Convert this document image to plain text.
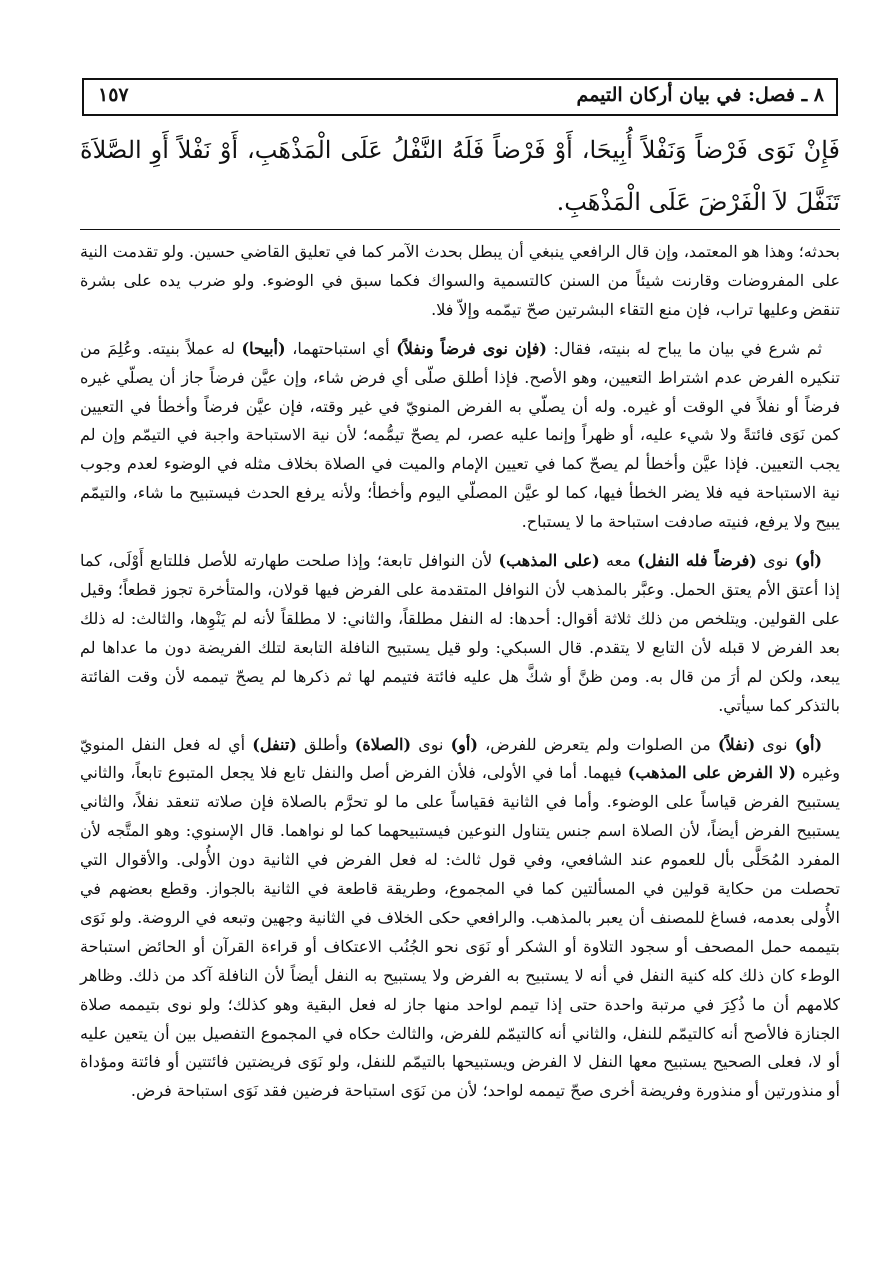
٨ ـ فصل: في بيان أركان التيمم
١٥٧
فَإِنْ نَوَى فَرْضاً وَنَفْلاً أُبِيحَا، أَوْ فَرْضاً فَلَهُ النَّفْلُ عَلَى الْمَذْهَبِ، أَوْ نَفْلاً أَوِ الصَّلاَةَ تَنَفَّلَ لاَ الْفَرْضَ عَلَى الْمَذْهَبِ.

بحدثه؛ وهذا هو المعتمد، وإن قال الرافعي ينبغي أن يبطل بحدث الآمر كما في تعليق القاضي حسين. ولو تقدمت النية على المفروضات وقارنت شيئاً من السنن كالتسمية والسواك فكما سبق في الوضوء. ولو ضرب يده على بشرة تنقض وعليها تراب، فإن منع التقاء البشرتين صحّ تيمّمه وإلاّ فلا.

ثم شرع في بيان ما يباح له بنيته، فقال: (فإن نوى فرضاً ونفلاً) أي استباحتهما، (أبيحا) له عملاً بنيته. وعُلِمَ من تنكيره الفرض عدم اشتراط التعيين، وهو الأصح. فإذا أطلق صلّى أي فرض شاء، وإن عيَّن فرضاً جاز أن يصلّي غيره فرضاً أو نفلاً في الوقت أو غيره. وله أن يصلّي به الفرض المنويّ في غير وقته، فإن عيَّن فرضاً وأخطأ في التعيين كمن نَوَى فائتةً ولا شيء عليه، أو ظهراً وإنما عليه عصر، لم يصحّ تيمُّمه؛ لأن نية الاستباحة واجبة في التيمّم وإن لم يجب التعيين. فإذا عيَّن وأخطأ لم يصحّ كما في تعيين الإمام والميت في الصلاة بخلاف مثله في الوضوء لعدم وجوب نية الاستباحة فيه فلا يضر الخطأ فيها، كما لو عيَّن المصلّي اليوم وأخطأ؛ ولأنه يرفع الحدث فيستبيح ما شاء، والتيمّم يبيح ولا يرفع، فنيته صادفت استباحة ما لا يستباح.

(أو) نوى (فرضاً فله النفل) معه (على المذهب) لأن النوافل تابعة؛ وإذا صلحت طهارته للأصل فللتابع أَوْلَى، كما إذا أعتق الأم يعتق الحمل. وعبَّر بالمذهب لأن النوافل المتقدمة على الفرض فيها قولان، والمتأخرة تجوز قطعاً؛ وقيل على القولين. ويتلخص من ذلك ثلاثة أقوال: أحدها: له النفل مطلقاً، والثاني: لا مطلقاً لأنه لم يَنْوِها، والثالث: له ذلك بعد الفرض لا قبله لأن التابع لا يتقدم. قال السبكي: ولو قيل يستبيح النافلة التابعة لتلك الفريضة دون ما عداها لم يبعد، ولكن لم أرَ من قال به. ومن ظنَّ أو شكَّ هل عليه فائتة فتيمم لها ثم ذكرها لم يصحّ تيممه لأن وقت الفائتة بالتذكر كما سيأتي.

(أو) نوى (نفلاً) من الصلوات ولم يتعرض للفرض، (أو) نوى (الصلاة) وأطلق (تنفل) أي له فعل النفل المنويّ وغيره (لا الفرض على المذهب) فيهما. أما في الأولى، فلأن الفرض أصل والنفل تابع فلا يجعل المتبوع تابعاً، والثاني يستبيح الفرض قياساً على الوضوء. وأما في الثانية فقياساً على ما لو تحرَّم بالصلاة فإن صلاته تنعقد نفلاً، والثاني يستبيح الفرض أيضاً، لأن الصلاة اسم جنس يتناول النوعين فيستبيحهما كما لو نواهما. قال الإسنوي: وهو المتَّجه لأن المفرد المُحَلَّى بأل للعموم عند الشافعي، وفي قول ثالث: له فعل الفرض في الثانية دون الأُولى. والأقوال التي تحصلت من حكاية قولين في المسألتين كما في المجموع، وطريقة قاطعة في الثانية بالجواز. وقطع بعضهم في الأُولى بعدمه، فساغ للمصنف أن يعبر بالمذهب. والرافعي حكى الخلاف في الثانية وجهين وتبعه في الروضة. ولو نَوَى بتيممه حمل المصحف أو سجود التلاوة أو الشكر أو نَوَى نحو الجُنُب الاعتكاف أو قراءة القرآن أو الحائض استباحة الوطء كان ذلك كله كنية النفل في أنه لا يستبيح به الفرض ولا يستبيح به النفل أيضاً لأن النافلة آكد من ذلك. وظاهر كلامهم أن ما ذُكِرَ في مرتبة واحدة حتى إذا تيمم لواحد منها جاز له فعل البقية وهو كذلك؛ ولو نوى بتيممه صلاة الجنازة فالأصح أنه كالتيمّم للنفل، والثاني أنه كالتيمّم للفرض، والثالث حكاه في المجموع التفصيل بين أن يتعين عليه أو لا، فعلى الصحيح يستبيح معها النفل لا الفرض ويستبيحها بالتيمّم للنفل، ولو نَوَى فريضتين فائتتين أو فائتة ومؤداة أو منذورتين أو منذورة وفريضة أخرى صحّ تيممه لواحد؛ لأن من نَوَى استباحة فرضين فقد نَوَى استباحة فرض.
